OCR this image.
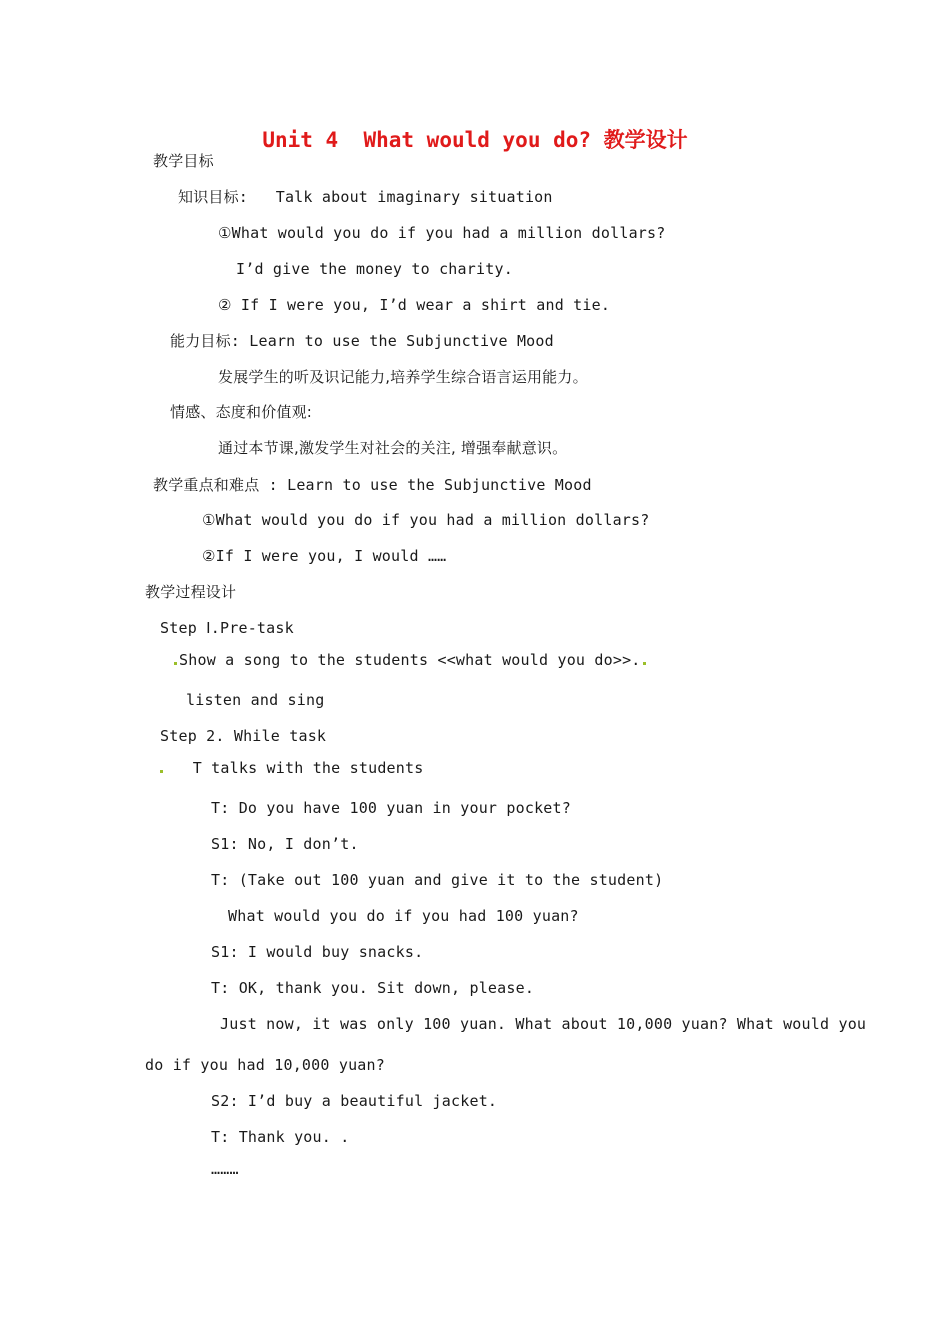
Unit 4  What would you do? 教学设计
教学目标
知识目标:   Talk about imaginary situation
①What would you do if you had a million dollars?
I’d give the money to charity.
② If I were you, I’d wear a shirt and tie.
能力目标: Learn to use the Subjunctive Mood
发展学生的听及识记能力,培养学生综合语言运用能力。
情感、态度和价值观:
通过本节课,激发学生对社会的关注, 增强奉献意识。
教学重点和难点 : Learn to use the Subjunctive Mood
①What would you do if you had a million dollars?
②If I were you, I would ……
教学过程设计
Step Ⅰ.Pre-task
Show a song to the students <<what would you do>>.
listen and sing
Step 2. While task
T talks with the students
T: Do you have 100 yuan in your pocket?
S1: No, I don’t.
T: (Take out 100 yuan and give it to the student)
What would you do if you had 100 yuan?
S1: I would buy snacks.
T: OK, thank you. Sit down, please.
Just now, it was only 100 yuan. What about 10,000 yuan? What would you
do if you had 10,000 yuan?
S2: I’d buy a beautiful jacket.
T: Thank you. .
………
